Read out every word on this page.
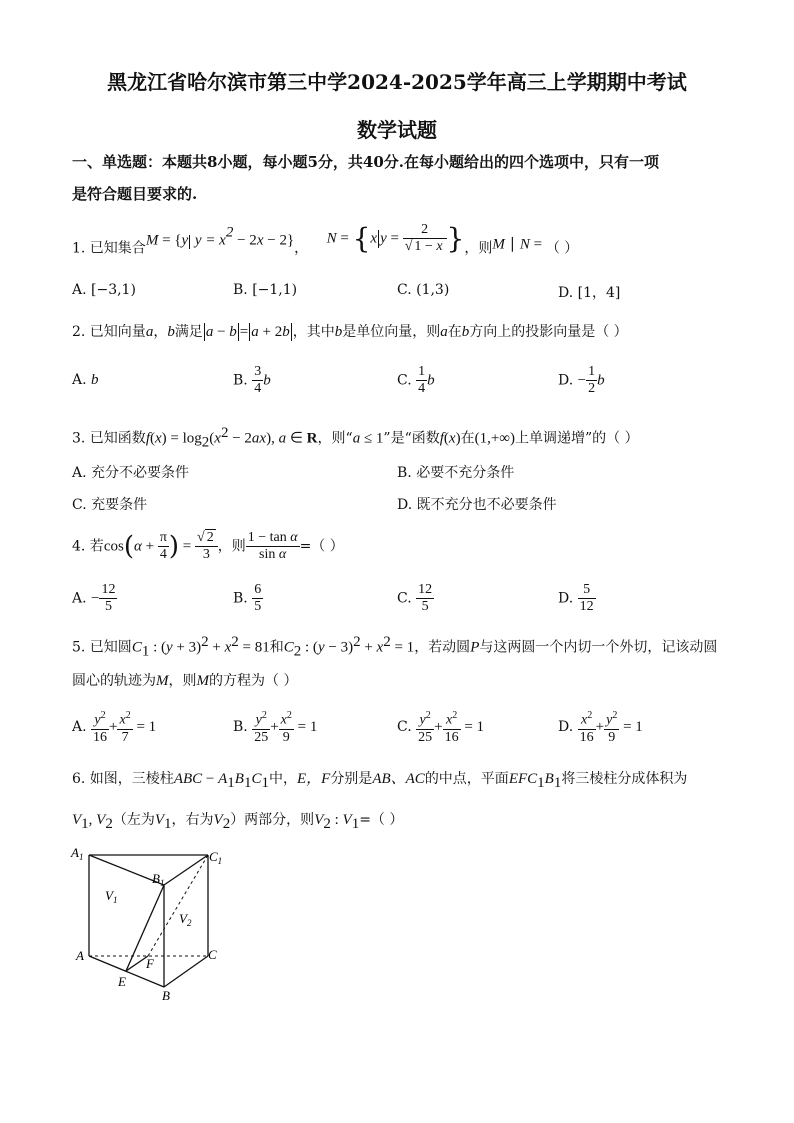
黑龙江省哈尔滨市第三中学2024-2025学年高三上学期期中考试
数学试题
一、单选题：本题共8小题，每小题5分，共40分.在每小题给出的四个选项中，只有一项
是符合题目要求的.
1. 已知集合M = {y $y = x^2 - 2x - 2$}， N = {x $y = \frac{2}{√ 1 - x}$ }，则M ∣ N = （ ）
A. [−3,1)	B. [−1,1)	C. (1,3)	D. [1，4]
2. 已知向量a，b满足 a − b = a + 2b ，其中b是单位向量，则a在b方向上的投影向量是（ ）
A. b	B. $\frac{3}{4}$ b	C. $\frac{1}{4}$ b	D. − $\frac{1}{2}$ b
3. 已知函数$f(x) = \log_2(x^2 - 2ax)$, a ∈ R，则“a ≤ 1”是“函数f(x)在(1,+∞)上单调递增”的（ ）
A. 充分不必要条件	B. 必要不充分条件
C. 充要条件	D. 既不充分也不必要条件
4. 若$\cos(\alpha + \frac{\pi}{4}$ ) = $\frac{√ 2}{3}$ ，则 $\frac{\text{1 − tan α}}{\text{sin α}}$ =（ ）
A. − $\frac{12}{5}$	B. $\frac{6}{5}$	C. $\frac{12}{5}$	D. $\frac{5}{12}$
5. 已知圆$C_1$ : $(y + 3)^2 + x^2 = 81$和$C_2$ : $(y - 3)^2 + x^2 = 1$，若动圆P与这两圆一个内切一个外切，记该动圆
圆心的轨迹为M，则M的方程为（ ）
A. $\frac{y^2}{16} + \frac{x^2}{7} = 1$	B. $\frac{y^2}{25} + \frac{x^2}{9} = 1$	C. $\frac{y^2}{25} + \frac{x^2}{16} = 1$	D. $\frac{x^2}{16} + \frac{y^2}{9} = 1$
6. 如图，三棱柱ABC − $A_1B_1C_1$中，E，F分别是AB、AC的中点，平面$EFC_1B_1$将三棱柱分成体积为
$V_1$, $V_2$（左为$V_1$，右为$V_2$）两部分，则$V_2$ : $V_1=$（ ）
$A_1$	$C_1$
$B_1$
$V_1$
$V_2$
A	C
F
E
B
